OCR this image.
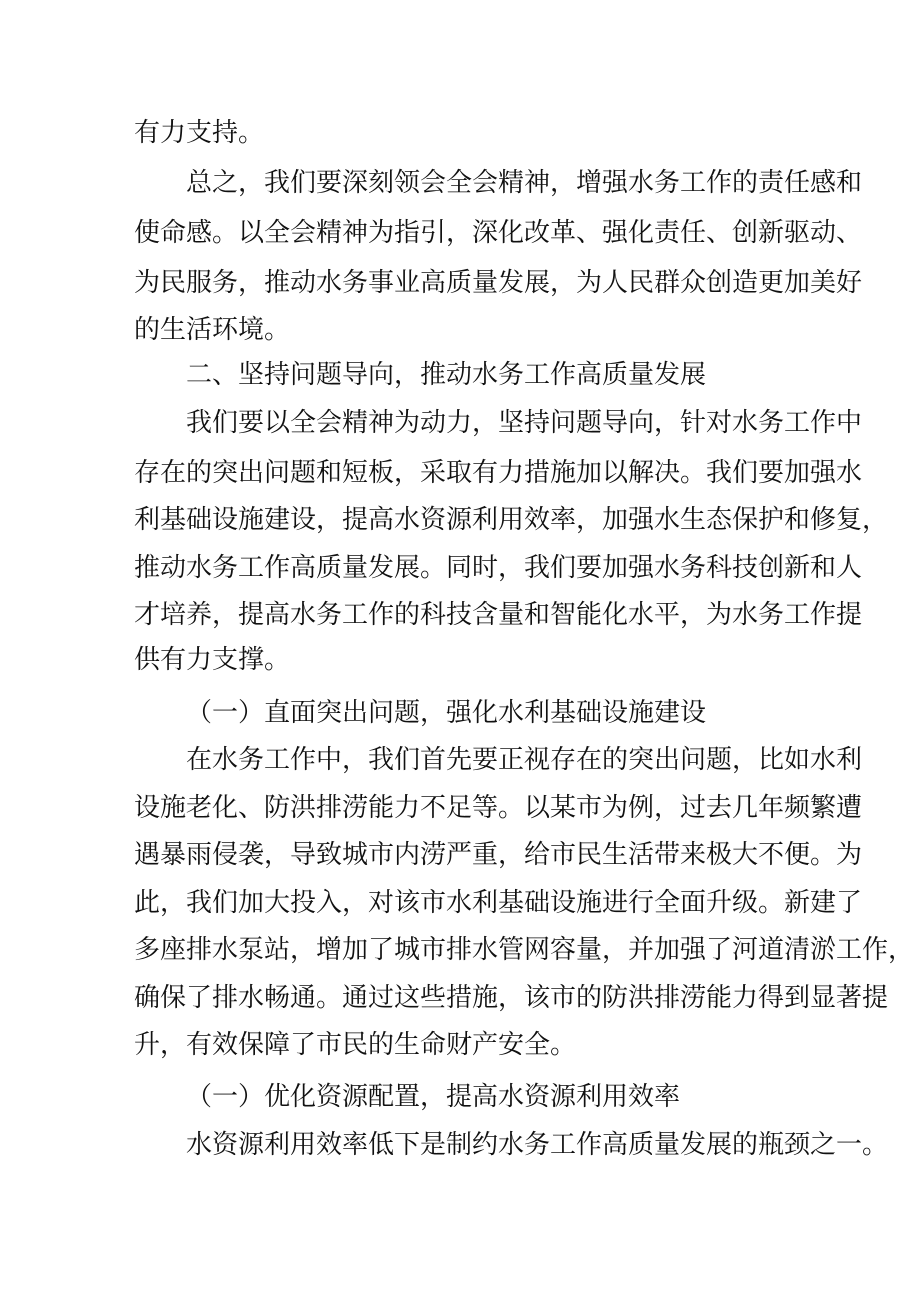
有力支持。
总之，我们要深刻领会全会精神，增强水务工作的责任感和
使命感。以全会精神为指引，深化改革、强化责任、创新驱动、
为民服务，推动水务事业高质量发展，为人民群众创造更加美好
的生活环境。
二、坚持问题导向，推动水务工作高质量发展
我们要以全会精神为动力，坚持问题导向，针对水务工作中
存在的突出问题和短板，采取有力措施加以解决。我们要加强水
利基础设施建设，提高水资源利用效率，加强水生态保护和修复，
推动水务工作高质量发展。同时，我们要加强水务科技创新和人
才培养，提高水务工作的科技含量和智能化水平，为水务工作提
供有力支撑。
（一）直面突出问题，强化水利基础设施建设
在水务工作中，我们首先要正视存在的突出问题，比如水利
设施老化、防洪排涝能力不足等。以某市为例，过去几年频繁遭
遇暴雨侵袭，导致城市内涝严重，给市民生活带来极大不便。为
此，我们加大投入，对该市水利基础设施进行全面升级。新建了
多座排水泵站，增加了城市排水管网容量，并加强了河道清淤工作，
确保了排水畅通。通过这些措施，该市的防洪排涝能力得到显著提
升，有效保障了市民的生命财产安全。
（一）优化资源配置，提高水资源利用效率
水资源利用效率低下是制约水务工作高质量发展的瓶颈之一。
